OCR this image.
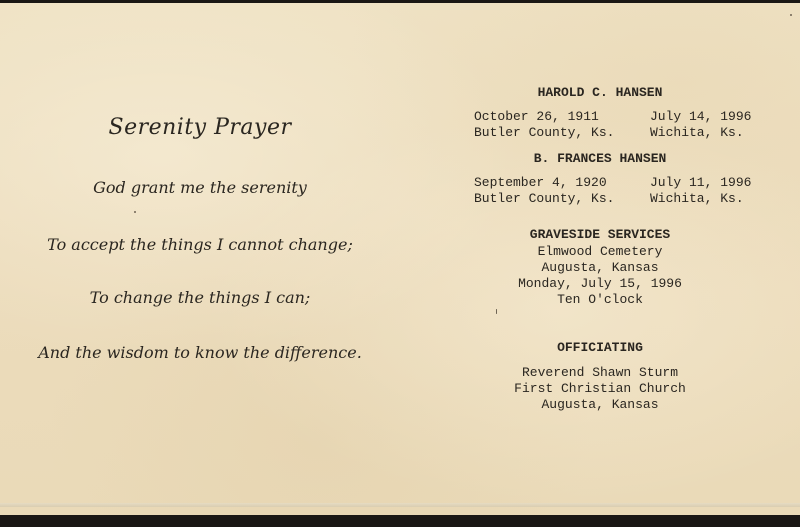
Serenity Prayer
God grant me the serenity
To accept the things I cannot change;
To change the things I can;
And the wisdom to know the difference.
HAROLD C. HANSEN
October 26, 1911	July 14, 1996
Butler County, Ks.	Wichita, Ks.
B. FRANCES HANSEN
September 4, 1920	July 11, 1996
Butler County, Ks.	Wichita, Ks.
GRAVESIDE SERVICES
Elmwood Cemetery
Augusta, Kansas
Monday, July 15, 1996
Ten O'clock
OFFICIATING
Reverend Shawn Sturm
First Christian Church
Augusta, Kansas
